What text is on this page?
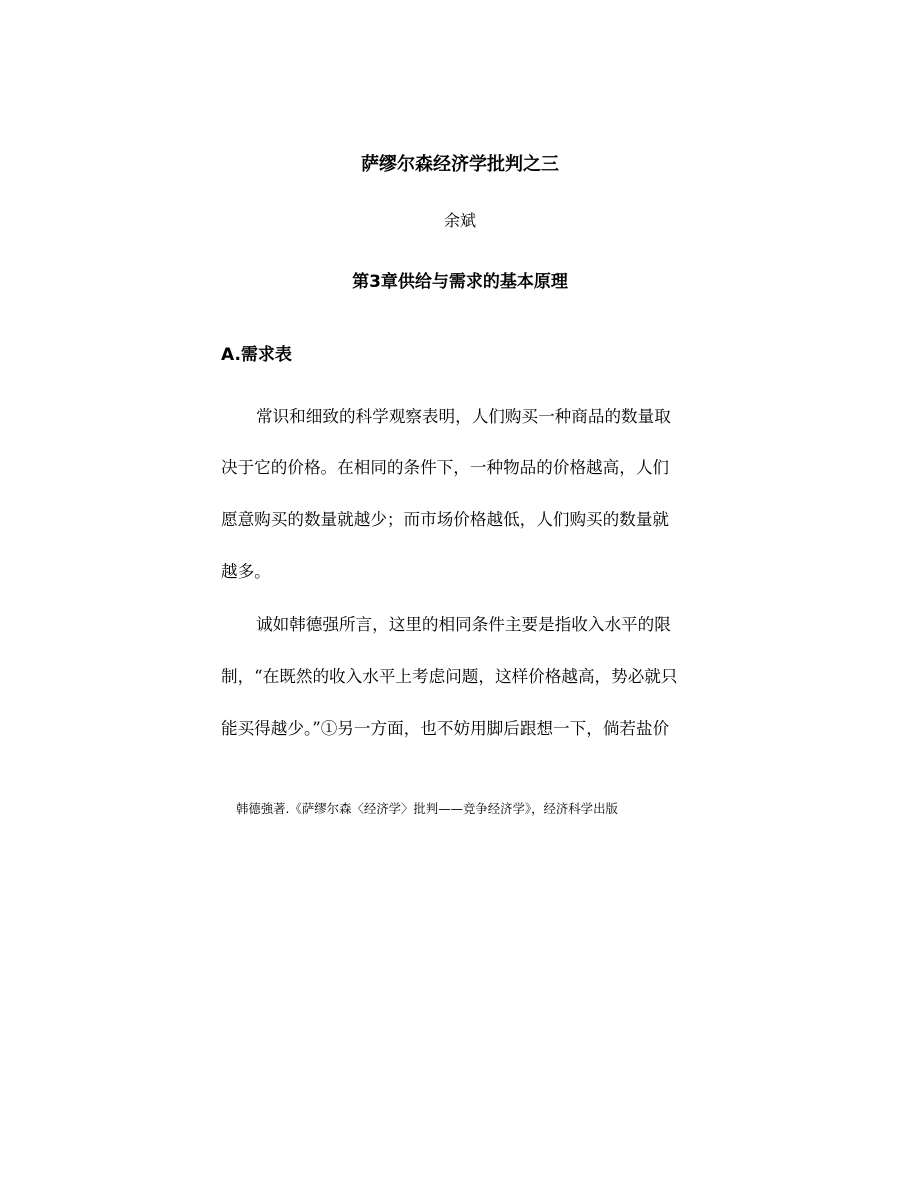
萨缪尔森经济学批判之三
余斌
第3章供给与需求的基本原理
A.需求表
常识和细致的科学观察表明，人们购买一种商品的数量取
决于它的价格。在相同的条件下，一种物品的价格越高，人们
愿意购买的数量就越少；而市场价格越低，人们购买的数量就
越多。
诚如韩德强所言，这里的相同条件主要是指收入水平的限
制，“在既然的收入水平上考虑问题，这样价格越高，势必就只
能买得越少。”①另一方面，也不妨用脚后跟想一下，倘若盐价
韩德強著.《萨缪尔森〈经济学〉批判——竞争经济学》，经济科学出版
